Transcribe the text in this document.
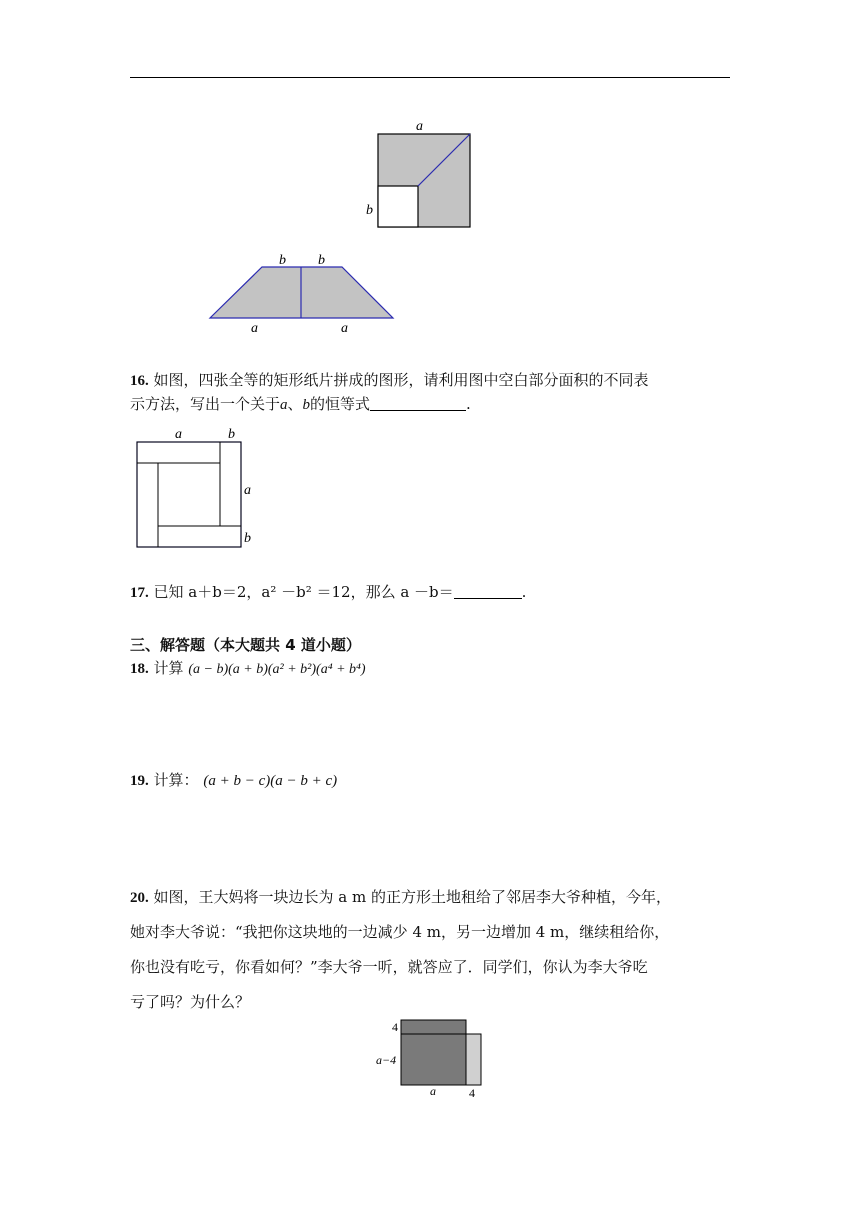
a
b
b b
a	a
16. 如图，四张全等的矩形纸片拼成的图形，请利用图中空白部分面积的不同表
示方法，写出一个关于a、b的恒等式	.
a	b
a
b
17. 已知 a＋b＝2，a² －b² ＝12，那么 a －b＝	.
三、解答题（本大题共 4 道小题）
18. 计算 (a − b)(a + b)(a² + b²)(a⁴ + b⁴)
19. 计算： (a + b − c)(a − b + c)
20. 如图，王大妈将一块边长为 a m 的正方形土地租给了邻居李大爷种植，今年，
她对李大爷说：“我把你这块地的一边减少 4 m，另一边增加 4 m，继续租给你，
你也没有吃亏，你看如何？”李大爷一听，就答应了．同学们，你认为李大爷吃
亏了吗？为什么？
4
a−4
a	4
